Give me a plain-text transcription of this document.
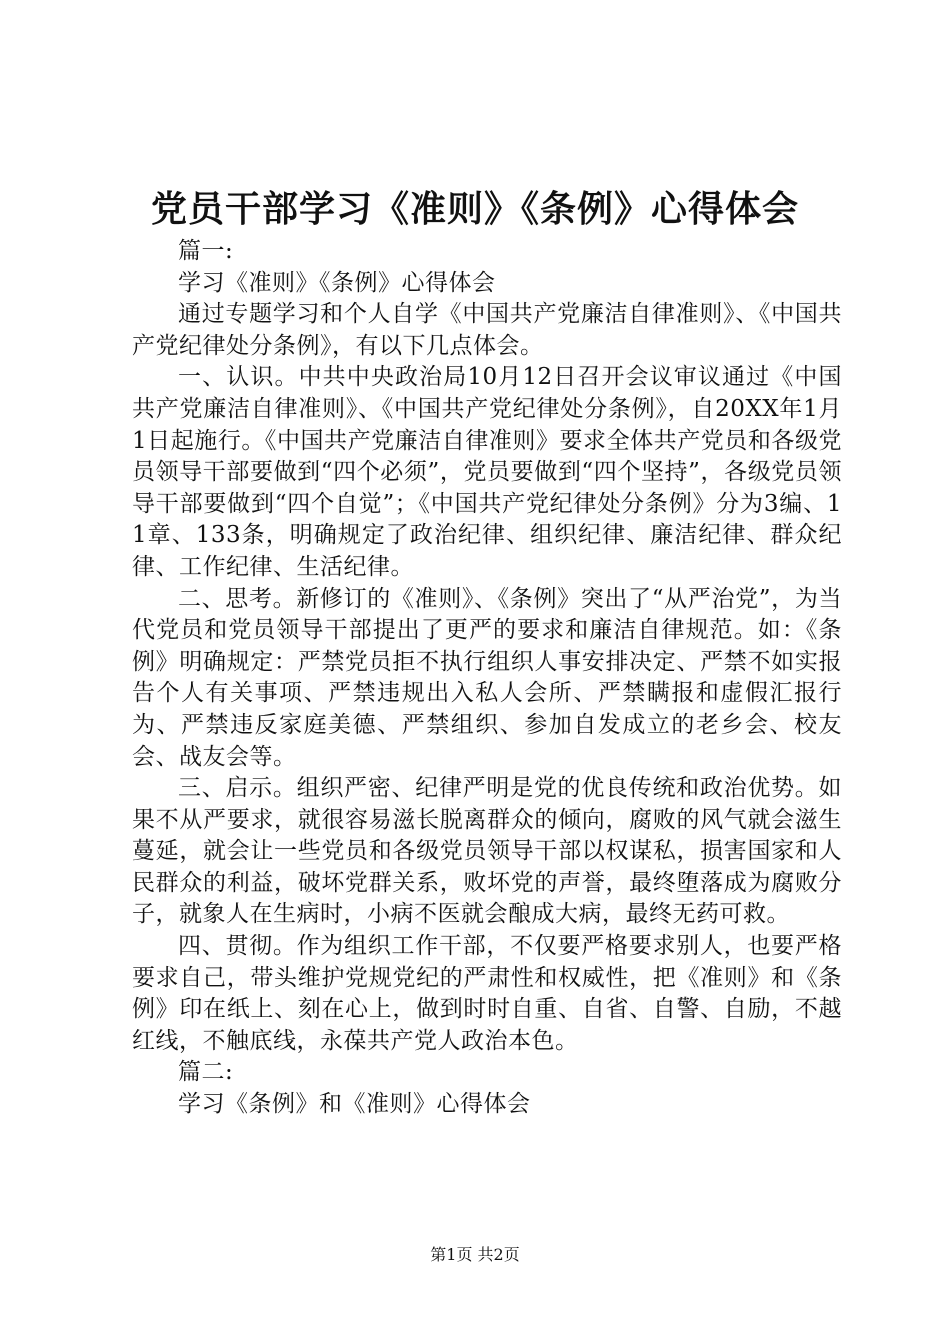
党员干部学习《准则》《条例》心得体会

篇一:

学习《准则》《条例》心得体会

通过专题学习和个人自学《中国共产党廉洁自律准则》、《中国共产党纪律处分条例》，有以下几点体会。

一、认识。中共中央政治局10月12日召开会议审议通过《中国共产党廉洁自律准则》、《中国共产党纪律处分条例》，自20XX年1月1日起施行。《中国共产党廉洁自律准则》要求全体共产党员和各级党员领导干部要做到“四个必须”，党员要做到“四个坚持”，各级党员领导干部要做到“四个自觉”；《中国共产党纪律处分条例》分为3编、11章、133条，明确规定了政治纪律、组织纪律、廉洁纪律、群众纪律、工作纪律、生活纪律。

二、思考。新修订的《准则》、《条例》突出了“从严治党”，为当代党员和党员领导干部提出了更严的要求和廉洁自律规范。如：《条例》明确规定：严禁党员拒不执行组织人事安排决定、严禁不如实报告个人有关事项、严禁违规出入私人会所、严禁瞒报和虚假汇报行为、严禁违反家庭美德、严禁组织、参加自发成立的老乡会、校友会、战友会等。

三、启示。组织严密、纪律严明是党的优良传统和政治优势。如果不从严要求，就很容易滋长脱离群众的倾向，腐败的风气就会滋生蔓延，就会让一些党员和各级党员领导干部以权谋私，损害国家和人民群众的利益，破坏党群关系，败坏党的声誉，最终堕落成为腐败分子，就象人在生病时，小病不医就会酿成大病，最终无药可救。

四、贯彻。作为组织工作干部，不仅要严格要求别人，也要严格要求自己，带头维护党规党纪的严肃性和权威性，把《准则》和《条例》印在纸上、刻在心上，做到时时自重、自省、自警、自励，不越红线，不触底线，永葆共产党人政治本色。

篇二:

学习《条例》和《准则》心得体会

第1页 共2页
